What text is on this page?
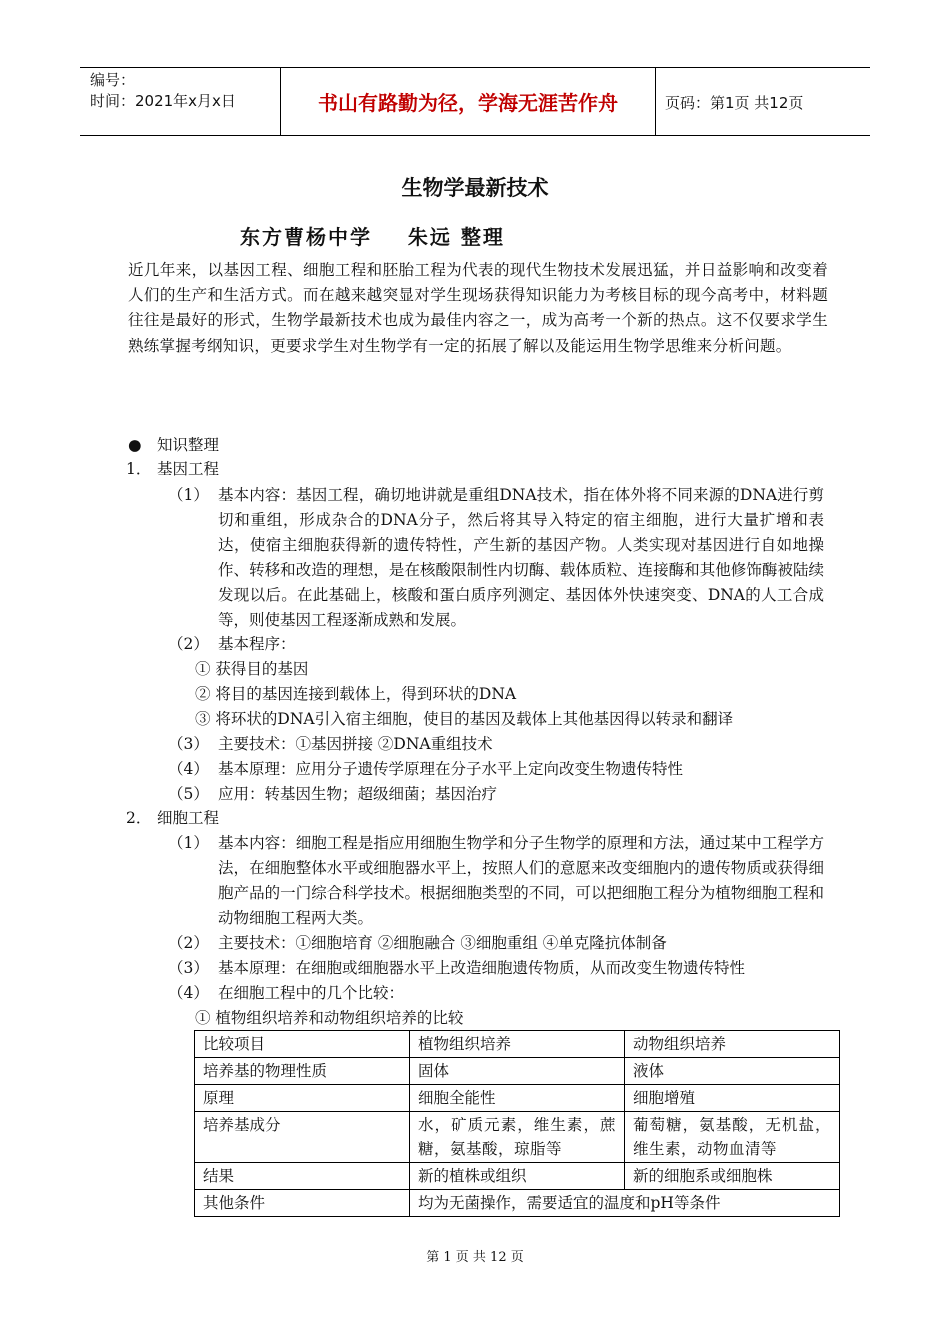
编号：
时间：2021年x月x日	书山有路勤为径，学海无涯苦作舟	页码：第1页 共12页
生物学最新技术
东方曹杨中学    朱远 整理
近几年来，以基因工程、细胞工程和胚胎工程为代表的现代生物技术发展迅猛，并日益影响和改变着人们的生产和生活方式。而在越来越突显对学生现场获得知识能力为考核目标的现今高考中，材料题往往是最好的形式，生物学最新技术也成为最佳内容之一，成为高考一个新的热点。这不仅要求学生熟练掌握考纲知识，更要求学生对生物学有一定的拓展了解以及能运用生物学思维来分析问题。
● 知识整理
1． 基因工程
（1） 基本内容：基因工程，确切地讲就是重组DNA技术，指在体外将不同来源的DNA进行剪切和重组，形成杂合的DNA分子，然后将其导入特定的宿主细胞，进行大量扩增和表达，使宿主细胞获得新的遗传特性，产生新的基因产物。人类实现对基因进行自如地操作、转移和改造的理想，是在核酸限制性内切酶、载体质粒、连接酶和其他修饰酶被陆续发现以后。在此基础上，核酸和蛋白质序列测定、基因体外快速突变、DNA的人工合成等，则使基因工程逐渐成熟和发展。
（2） 基本程序：
① 获得目的基因
② 将目的基因连接到载体上，得到环状的DNA
③ 将环状的DNA引入宿主细胞，使目的基因及载体上其他基因得以转录和翻译
（3） 主要技术：①基因拼接 ②DNA重组技术
（4） 基本原理：应用分子遗传学原理在分子水平上定向改变生物遗传特性
（5） 应用：转基因生物；超级细菌；基因治疗
2． 细胞工程
（1） 基本内容：细胞工程是指应用细胞生物学和分子生物学的原理和方法，通过某中工程学方法，在细胞整体水平或细胞器水平上，按照人们的意愿来改变细胞内的遗传物质或获得细胞产品的一门综合科学技术。根据细胞类型的不同，可以把细胞工程分为植物细胞工程和动物细胞工程两大类。
（2） 主要技术：①细胞培育 ②细胞融合 ③细胞重组 ④单克隆抗体制备
（3） 基本原理：在细胞或细胞器水平上改造细胞遗传物质，从而改变生物遗传特性
（4） 在细胞工程中的几个比较：
① 植物组织培养和动物组织培养的比较
比较项目	植物组织培养	动物组织培养
培养基的物理性质	固体	液体
原理	细胞全能性	细胞增殖
培养基成分	水，矿质元素，维生素，蔗糖，氨基酸，琼脂等	葡萄糖，氨基酸，无机盐，维生素，动物血清等
结果	新的植株或组织	新的细胞系或细胞株
其他条件	均为无菌操作，需要适宜的温度和pH等条件	
第 1 页 共 12 页
